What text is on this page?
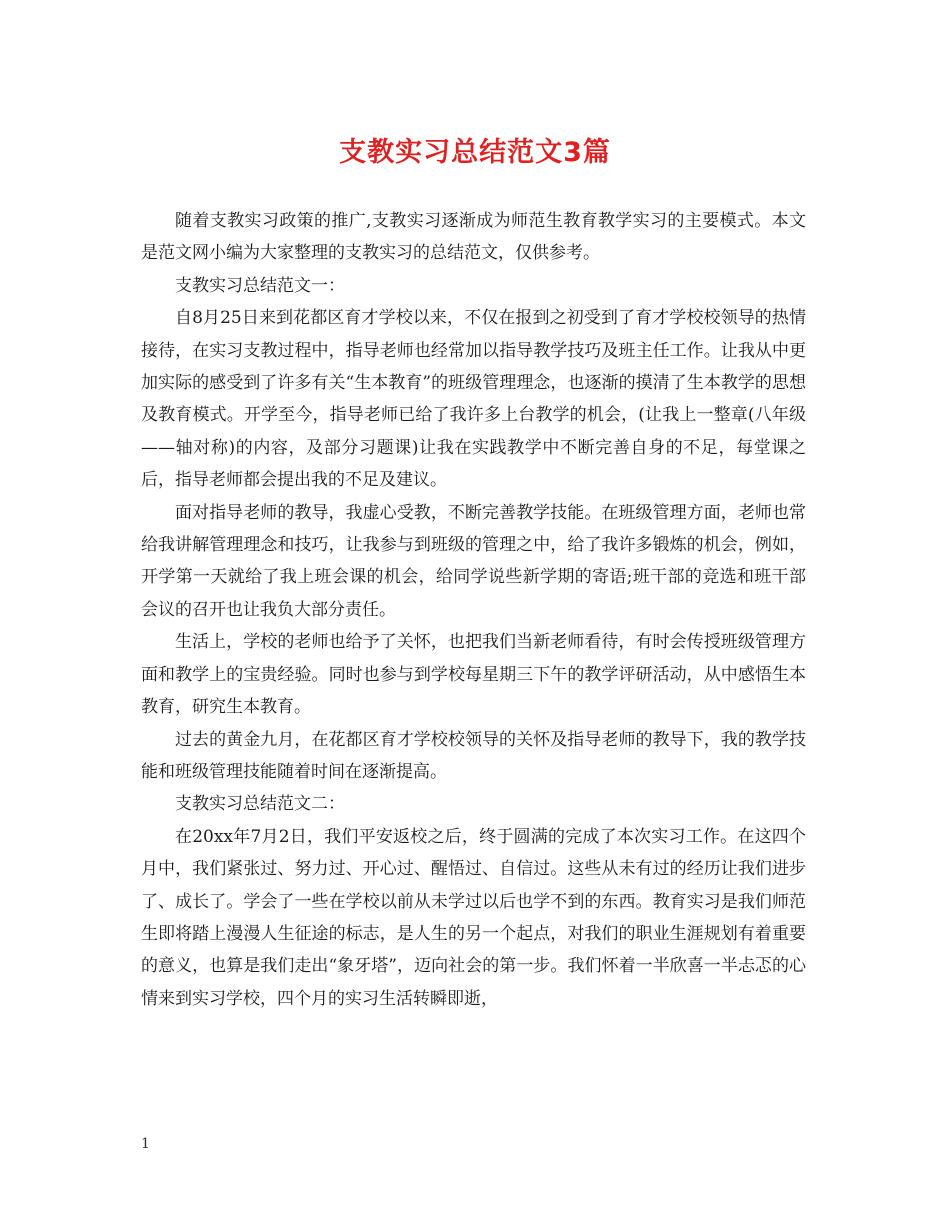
支教实习总结范文3篇

随着支教实习政策的推广,支教实习逐渐成为师范生教育教学实习的主要模式。本文是范文网小编为大家整理的支教实习的总结范文，仅供参考。

支教实习总结范文一：

自8月25日来到花都区育才学校以来，不仅在报到之初受到了育才学校校领导的热情接待，在实习支教过程中，指导老师也经常加以指导教学技巧及班主任工作。让我从中更加实际的感受到了许多有关“生本教育”的班级管理理念，也逐渐的摸清了生本教学的思想及教育模式。开学至今，指导老师已给了我许多上台教学的机会，(让我上一整章(八年级——轴对称)的内容，及部分习题课)让我在实践教学中不断完善自身的不足，每堂课之后，指导老师都会提出我的不足及建议。

面对指导老师的教导，我虚心受教，不断完善教学技能。在班级管理方面，老师也常给我讲解管理理念和技巧，让我参与到班级的管理之中，给了我许多锻炼的机会，例如，开学第一天就给了我上班会课的机会，给同学说些新学期的寄语;班干部的竞选和班干部会议的召开也让我负大部分责任。

生活上，学校的老师也给予了关怀，也把我们当新老师看待，有时会传授班级管理方面和教学上的宝贵经验。同时也参与到学校每星期三下午的教学评研活动，从中感悟生本教育，研究生本教育。

过去的黄金九月，在花都区育才学校校领导的关怀及指导老师的教导下，我的教学技能和班级管理技能随着时间在逐渐提高。

支教实习总结范文二：

在20xx年7月2日，我们平安返校之后，终于圆满的完成了本次实习工作。在这四个月中，我们紧张过、努力过、开心过、醒悟过、自信过。这些从未有过的经历让我们进步了、成长了。学会了一些在学校以前从未学过以后也学不到的东西。教育实习是我们师范生即将踏上漫漫人生征途的标志，是人生的另一个起点，对我们的职业生涯规划有着重要的意义，也算是我们走出“象牙塔”，迈向社会的第一步。我们怀着一半欣喜一半忐忑的心情来到实习学校，四个月的实习生活转瞬即逝，

1
